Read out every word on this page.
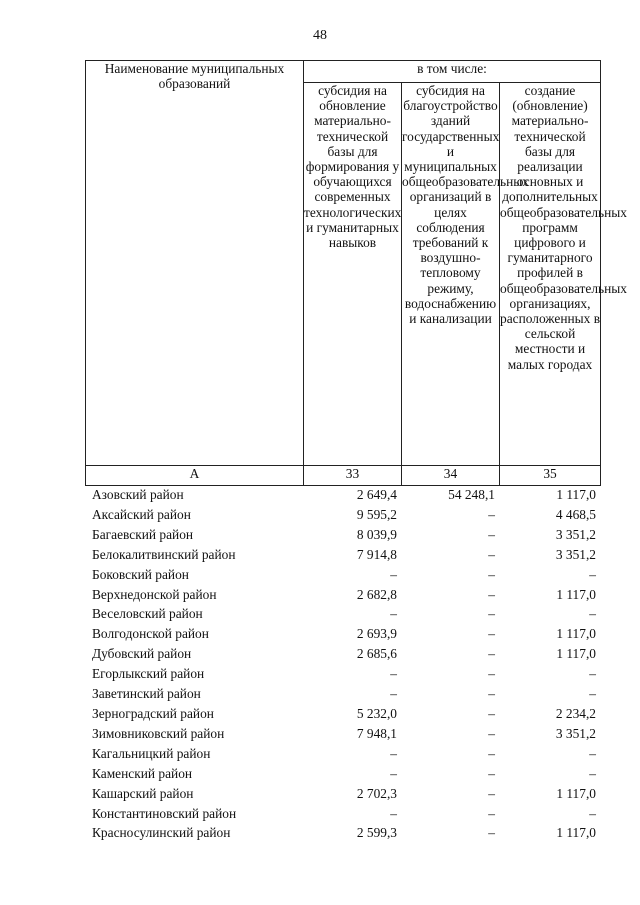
48
Наименование муниципальных образований	в том числе:		
	субсидия на обновление материально-технической базы для формирования у обучающихся современных технологических и гуманитарных навыков	субсидия на благоустройство зданий государственных и муниципальных общеобразовательных организаций в целях соблюдения требований к воздушно-тепловому режиму, водоснабжению и канализации	создание (обновление) материально-технической базы для реализации основных и дополнительных общеобразовательных программ цифрового и гуманитарного профилей в общеобразовательных организациях, расположенных в сельской местности и малых городах
А	33	34	35
Азовский район	2 649,4	54 248,1	1 117,0
Аксайский район	9 595,2	–	4 468,5
Багаевский район	8 039,9	–	3 351,2
Белокалитвинский район	7 914,8	–	3 351,2
Боковский район	–	–	–
Верхнедонской район	2 682,8	–	1 117,0
Веселовский район	–	–	–
Волгодонской район	2 693,9	–	1 117,0
Дубовский район	2 685,6	–	1 117,0
Егорлыкский район	–	–	–
Заветинский район	–	–	–
Зерноградский район	5 232,0	–	2 234,2
Зимовниковский район	7 948,1	–	3 351,2
Кагальницкий район	–	–	–
Каменский район	–	–	–
Кашарский район	2 702,3	–	1 117,0
Константиновский район	–	–	–
Красносулинский район	2 599,3	–	1 117,0
